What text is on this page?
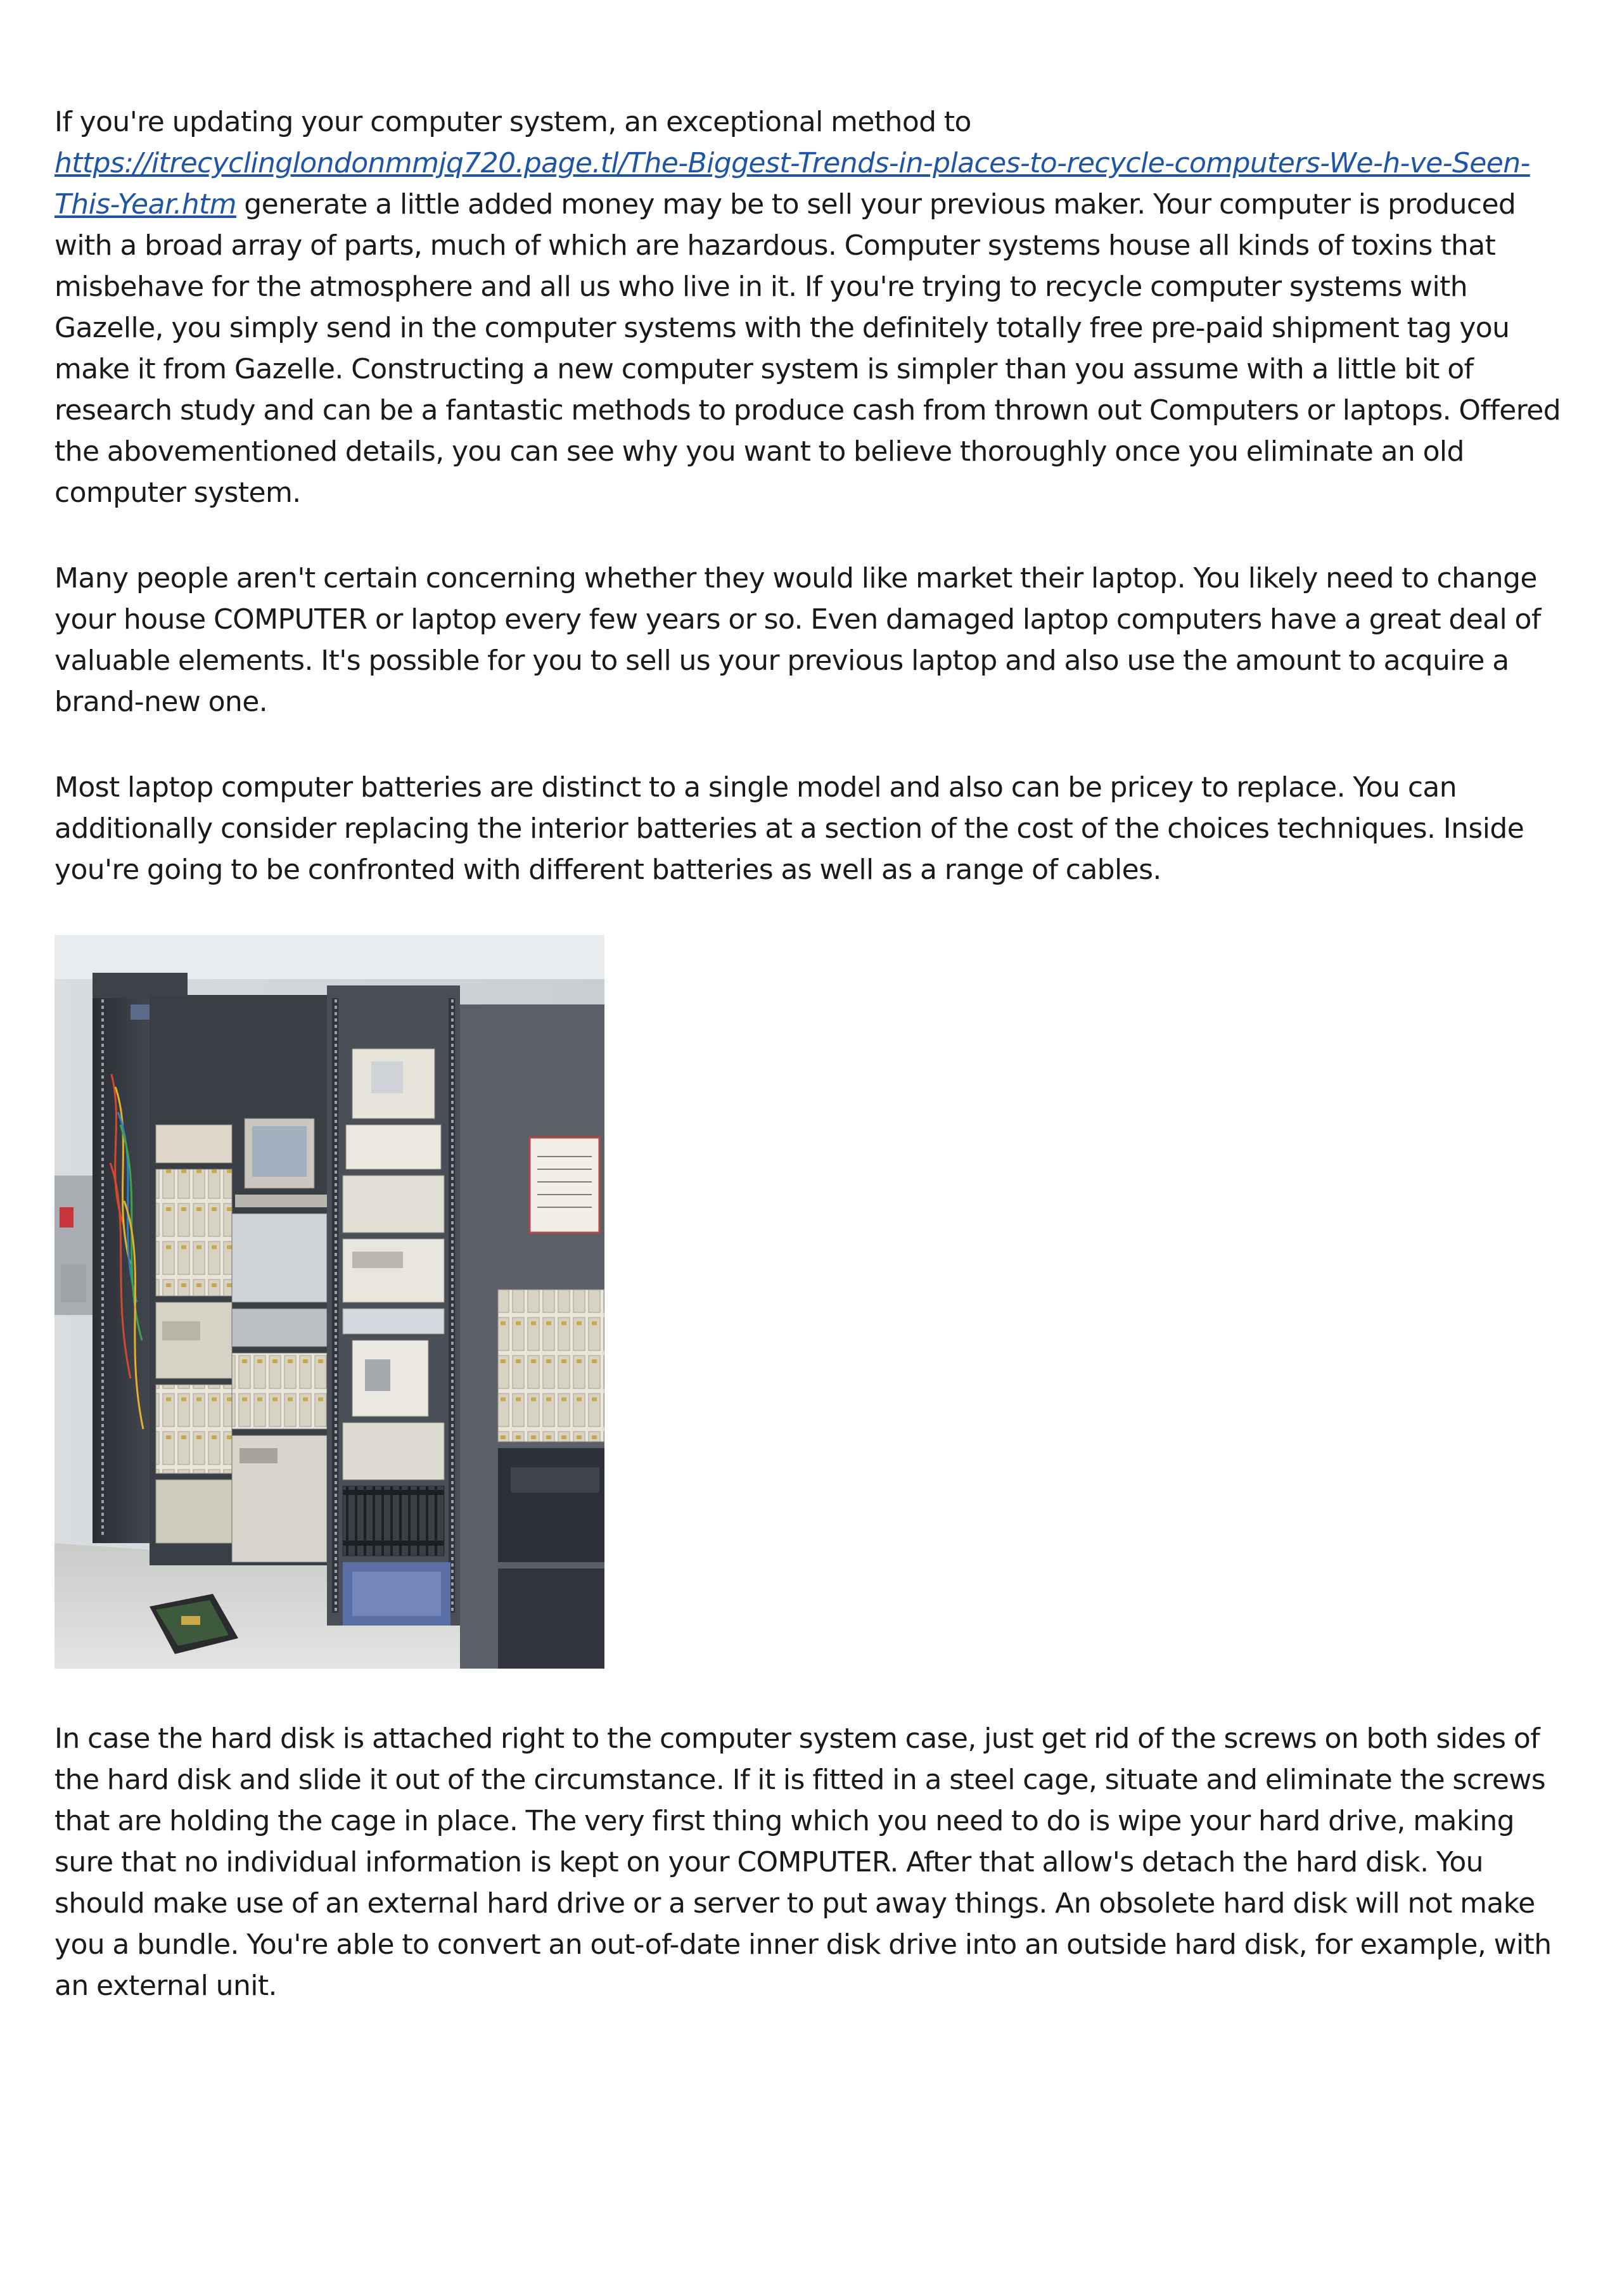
If you're updating your computer system, an exceptional method to https://itrecyclinglondonmmjq720.page.tl/The-Biggest-Trends-in-places-to-recycle-computers-We-h-ve-Seen-This-Year.htm generate a little added money may be to sell your previous maker. Your computer is produced with a broad array of parts, much of which are hazardous. Computer systems house all kinds of toxins that misbehave for the atmosphere and all us who live in it. If you're trying to recycle computer systems with Gazelle, you simply send in the computer systems with the definitely totally free pre-paid shipment tag you make it from Gazelle. Constructing a new computer system is simpler than you assume with a little bit of research study and can be a fantastic methods to produce cash from thrown out Computers or laptops. Offered the abovementioned details, you can see why you want to believe thoroughly once you eliminate an old computer system.

Many people aren't certain concerning whether they would like market their laptop. You likely need to change your house COMPUTER or laptop every few years or so. Even damaged laptop computers have a great deal of valuable elements. It's possible for you to sell us your previous laptop and also use the amount to acquire a brand-new one.

Most laptop computer batteries are distinct to a single model and also can be pricey to replace. You can additionally consider replacing the interior batteries at a section of the cost of the choices techniques. Inside you're going to be confronted with different batteries as well as a range of cables.

In case the hard disk is attached right to the computer system case, just get rid of the screws on both sides of the hard disk and slide it out of the circumstance. If it is fitted in a steel cage, situate and eliminate the screws that are holding the cage in place. The very first thing which you need to do is wipe your hard drive, making sure that no individual information is kept on your COMPUTER. After that allow's detach the hard disk. You should make use of an external hard drive or a server to put away things. An obsolete hard disk will not make you a bundle. You're able to convert an out-of-date inner disk drive into an outside hard disk, for example, with an external unit.
